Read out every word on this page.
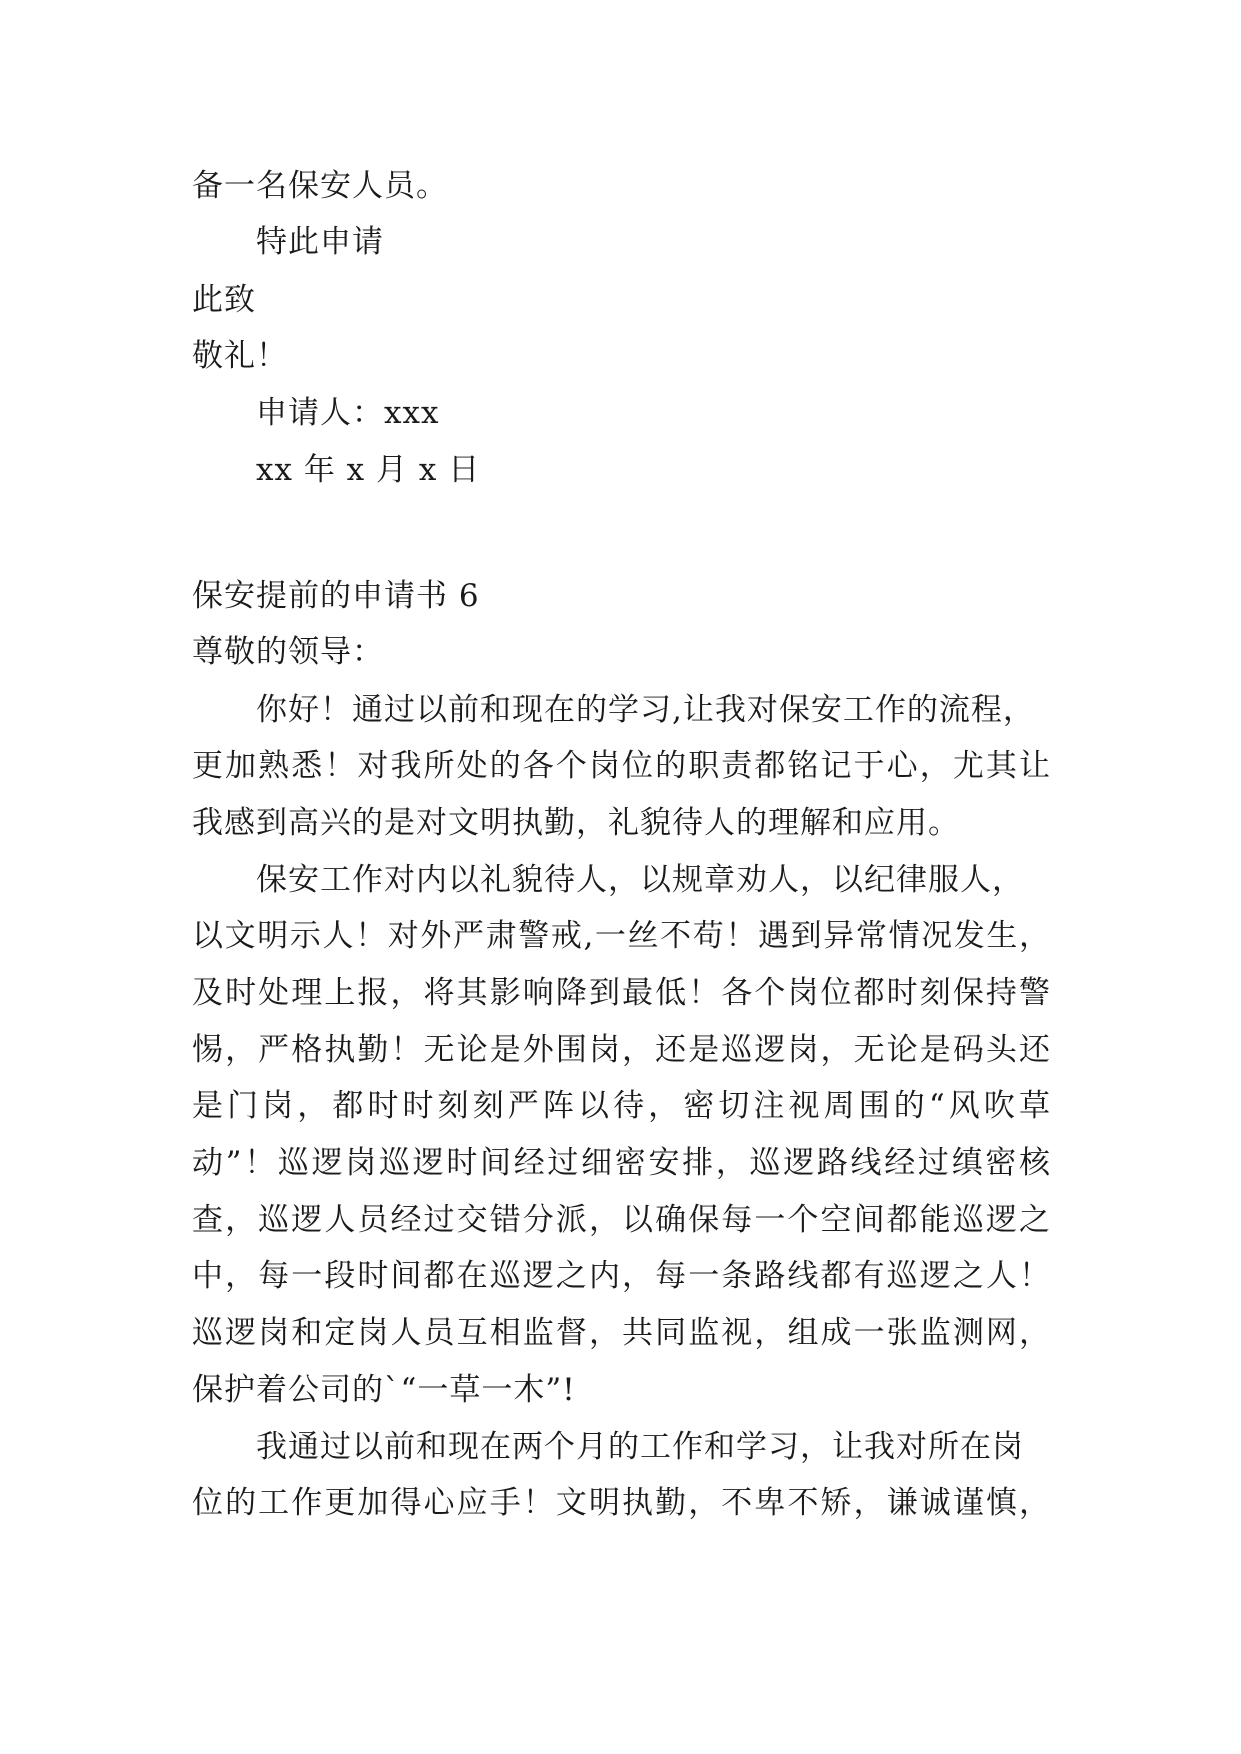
备一名保安人员。
特此申请
此致
敬礼！
申请人：xxx
xx 年 x 月 x 日
保安提前的申请书 6
尊敬的领导：
你好！通过以前和现在的学习,让我对保安工作的流程，
更加熟悉！对我所处的各个岗位的职责都铭记于心，尤其让
我感到高兴的是对文明执勤，礼貌待人的理解和应用。
保安工作对内以礼貌待人，以规章劝人，以纪律服人，
以文明示人！对外严肃警戒,一丝不苟！遇到异常情况发生，
及时处理上报，将其影响降到最低！各个岗位都时刻保持警
惕，严格执勤！无论是外围岗，还是巡逻岗，无论是码头还
是门岗，都时时刻刻严阵以待，密切注视周围的“风吹草
动”！巡逻岗巡逻时间经过细密安排，巡逻路线经过缜密核
查，巡逻人员经过交错分派，以确保每一个空间都能巡逻之
中，每一段时间都在巡逻之内，每一条路线都有巡逻之人！
巡逻岗和定岗人员互相监督，共同监视，组成一张监测网，
保护着公司的`“一草一木”!
我通过以前和现在两个月的工作和学习，让我对所在岗
位的工作更加得心应手！文明执勤，不卑不矫，谦诚谨慎，
